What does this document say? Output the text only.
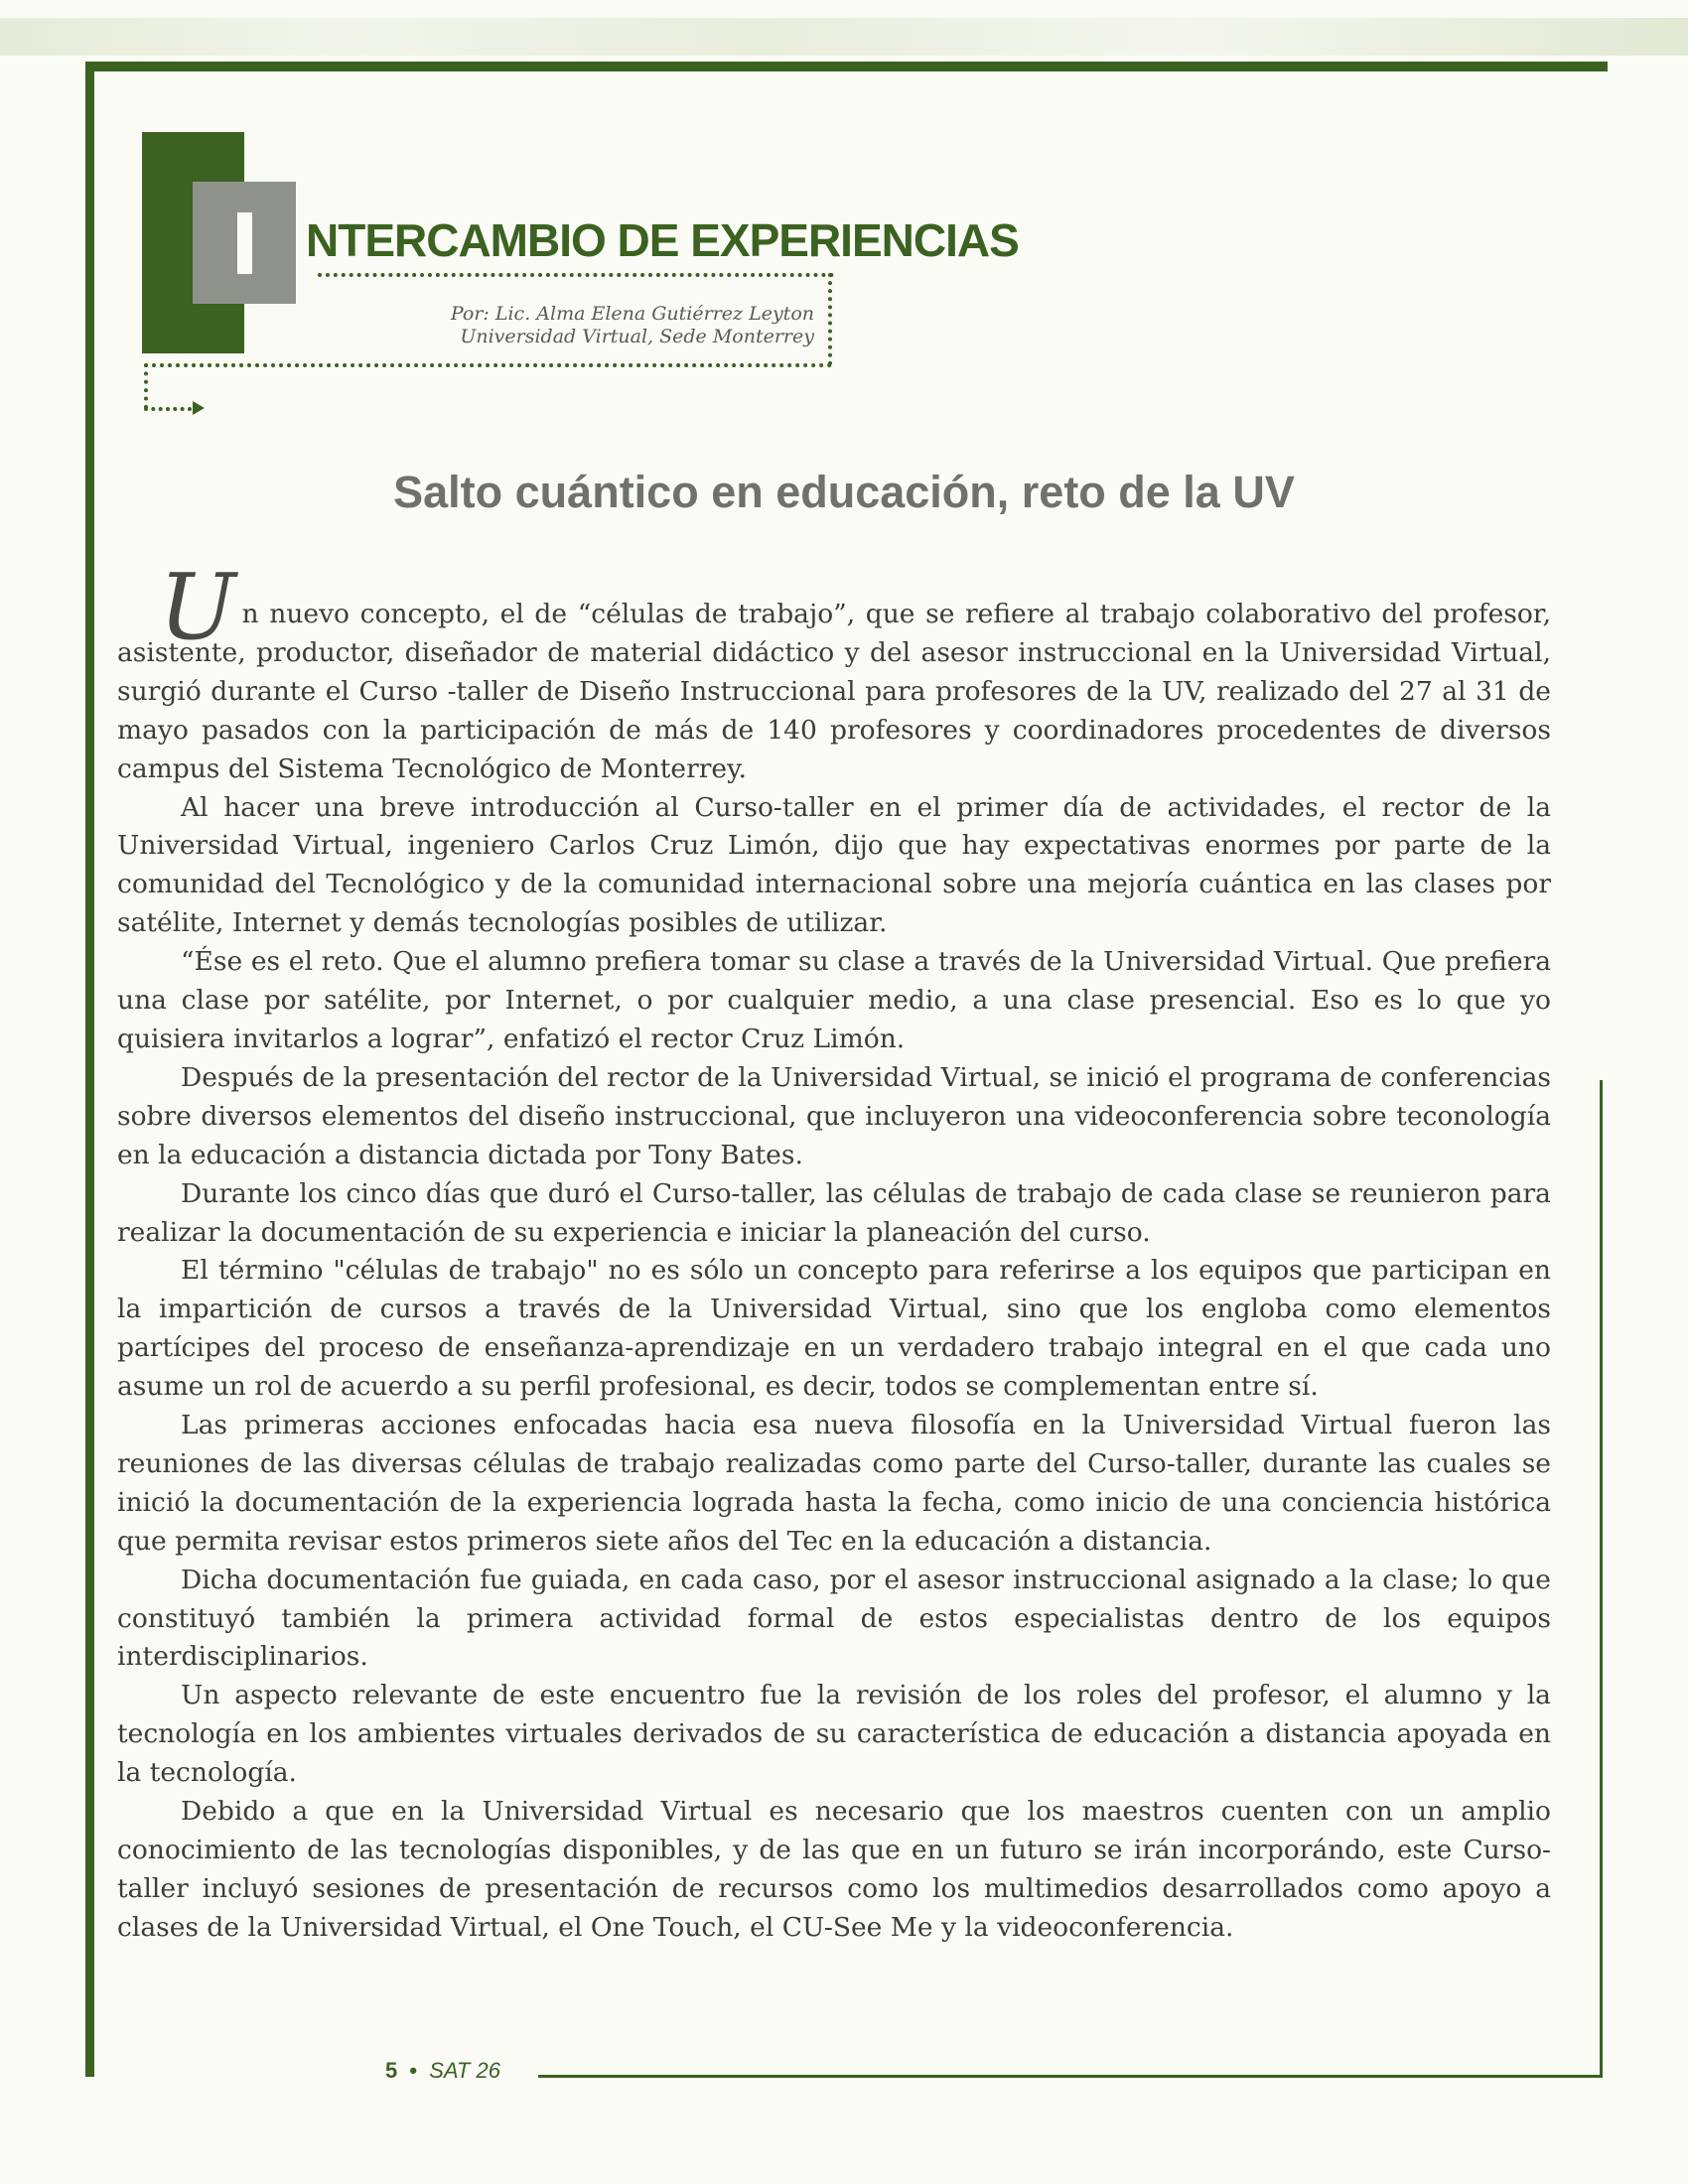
NTERCAMBIO DE EXPERIENCIAS
Por: Lic. Alma Elena Gutiérrez Leyton
Universidad Virtual, Sede Monterrey
Salto cuántico en educación, reto de la UV

Un nuevo concepto, el de “células de trabajo”, que se refiere al trabajo colaborativo del profesor, asistente, productor, diseñador de material didáctico y del asesor instruccional en la Universidad Virtual, surgió durante el Curso -taller de Diseño Instruccional para profesores de la UV, realizado del 27 al 31 de mayo pasados con la participación de más de 140 profesores y coordinadores procedentes de diversos campus del Sistema Tecnológico de Monterrey.

Al hacer una breve introducción al Curso-taller en el primer día de actividades, el rector de la Universidad Virtual, ingeniero Carlos Cruz Limón, dijo que hay expectativas enormes por parte de la comunidad del Tecnológico y de la comunidad internacional sobre una mejoría cuántica en las clases por satélite, Internet y demás tecnologías posibles de utilizar.

“Ése es el reto. Que el alumno prefiera tomar su clase a través de la Universidad Virtual. Que prefiera una clase por satélite, por Internet, o por cualquier medio, a una clase presencial. Eso es lo que yo quisiera invitarlos a lograr”, enfatizó el rector Cruz Limón.

Después de la presentación del rector de la Universidad Virtual, se inició el programa de conferencias sobre diversos elementos del diseño instruccional, que incluyeron una videoconferencia sobre teconología en la educación a distancia dictada por Tony Bates.

Durante los cinco días que duró el Curso-taller, las células de trabajo de cada clase se reunieron para realizar la documentación de su experiencia e iniciar la planeación del curso.

El término "células de trabajo" no es sólo un concepto para referirse a los equipos que participan en la impartición de cursos a través de la Universidad Virtual, sino que los engloba como elementos partícipes del proceso de enseñanza-aprendizaje en un verdadero trabajo integral en el que cada uno asume un rol de acuerdo a su perfil profesional, es decir, todos se complementan entre sí.

Las primeras acciones enfocadas hacia esa nueva filosofía en la Universidad Virtual fueron las reuniones de las diversas células de trabajo realizadas como parte del Curso-taller, durante las cuales se inició la documentación de la experiencia lograda hasta la fecha, como inicio de una conciencia histórica que permita revisar estos primeros siete años del Tec en la educación a distancia.

Dicha documentación fue guiada, en cada caso, por el asesor instruccional asignado a la clase; lo que constituyó también la primera actividad formal de estos especialistas dentro de los equipos interdisciplinarios.

Un aspecto relevante de este encuentro fue la revisión de los roles del profesor, el alumno y la tecnología en los ambientes virtuales derivados de su característica de educación a distancia apoyada en la tecnología.

Debido a que en la Universidad Virtual es necesario que los maestros cuenten con un amplio conocimiento de las tecnologías disponibles, y de las que en un futuro se irán incorporándo, este Curso-taller incluyó sesiones de presentación de recursos como los multimedios desarrollados como apoyo a clases de la Universidad Virtual, el One Touch, el CU-See Me y la videoconferencia.

5 • SAT 26
